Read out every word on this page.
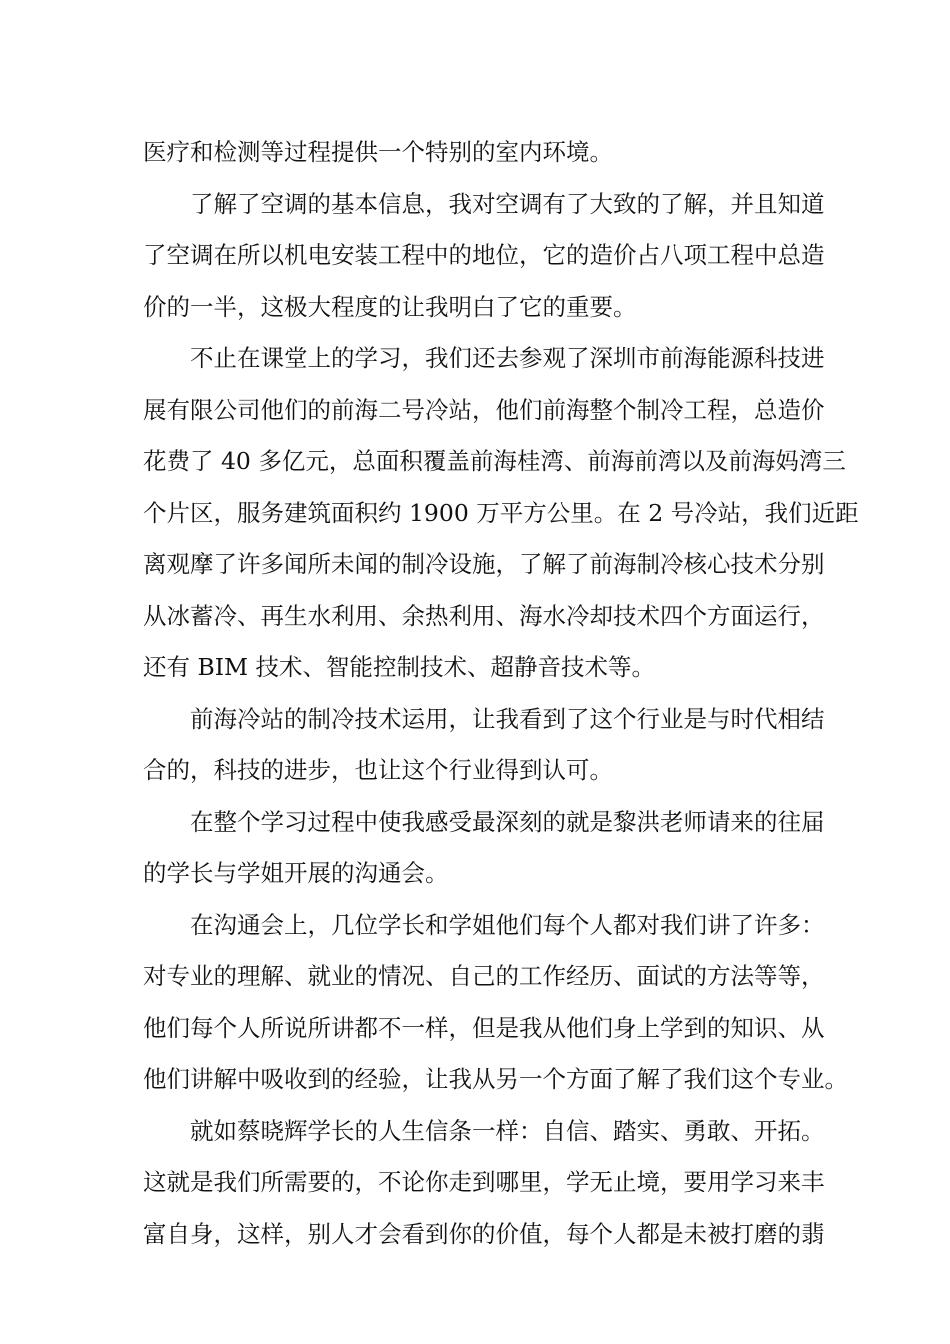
医疗和检测等过程提供一个特别的室内环境。
了解了空调的基本信息，我对空调有了大致的了解，并且知道
了空调在所以机电安装工程中的地位，它的造价占八项工程中总造
价的一半，这极大程度的让我明白了它的重要。
不止在课堂上的学习，我们还去参观了深圳市前海能源科技进
展有限公司他们的前海二号冷站，他们前海整个制冷工程，总造价
花费了 40 多亿元，总面积覆盖前海桂湾、前海前湾以及前海妈湾三
个片区，服务建筑面积约 1900 万平方公里。在 2 号冷站，我们近距
离观摩了许多闻所未闻的制冷设施，了解了前海制冷核心技术分别
从冰蓄冷、再生水利用、余热利用、海水冷却技术四个方面运行，
还有 BIM 技术、智能控制技术、超静音技术等。
前海冷站的制冷技术运用，让我看到了这个行业是与时代相结
合的，科技的进步，也让这个行业得到认可。
在整个学习过程中使我感受最深刻的就是黎洪老师请来的往届
的学长与学姐开展的沟通会。
在沟通会上，几位学长和学姐他们每个人都对我们讲了许多：
对专业的理解、就业的情况、自己的工作经历、面试的方法等等，
他们每个人所说所讲都不一样，但是我从他们身上学到的知识、从
他们讲解中吸收到的经验，让我从另一个方面了解了我们这个专业。
就如蔡晓辉学长的人生信条一样：自信、踏实、勇敢、开拓。
这就是我们所需要的，不论你走到哪里，学无止境，要用学习来丰
富自身，这样，别人才会看到你的价值，每个人都是未被打磨的翡
